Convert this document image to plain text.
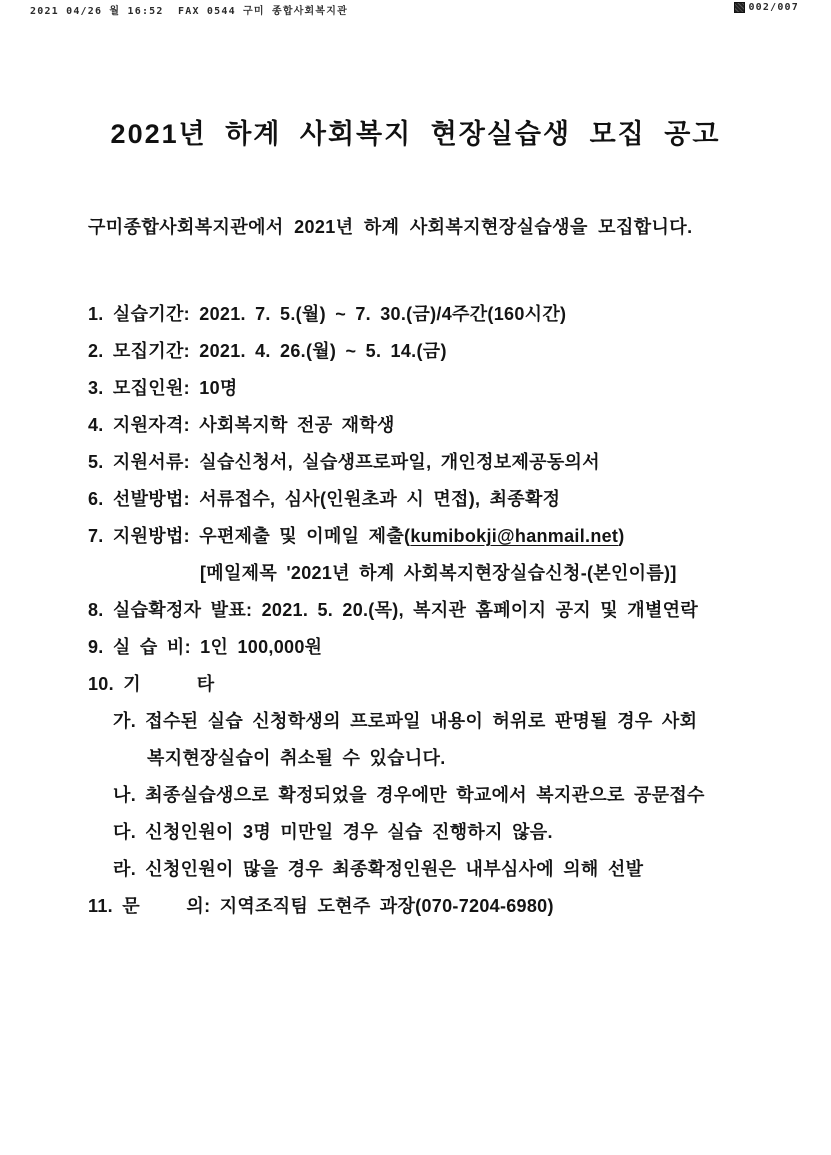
2021 04/26 월 16:52  FAX 0544 구미 종합사회복지관	002/007
2021년 하계 사회복지 현장실습생 모집 공고
구미종합사회복지관에서 2021년 하계 사회복지현장실습생을 모집합니다.
1. 실습기간: 2021. 7. 5.(월) ~ 7. 30.(금)/4주간(160시간)
2. 모집기간: 2021. 4. 26.(월) ~ 5. 14.(금)
3. 모집인원: 10명
4. 지원자격: 사회복지학 전공 재학생
5. 지원서류: 실습신청서, 실습생프로파일, 개인정보제공동의서
6. 선발방법: 서류접수, 심사(인원초과 시 면접), 최종확정
7. 지원방법: 우편제출 및 이메일 제출(kumibokji@hanmail.net)
[메일제목 '2021년 하계 사회복지현장실습신청-(본인이름)]
8. 실습확정자 발표: 2021. 5. 20.(목), 복지관 홈페이지 공지 및 개별연락
9. 실 습 비: 1인 100,000원
10. 기      타
가. 접수된 실습 신청학생의 프로파일 내용이 허위로 판명될 경우 사회
복지현장실습이 취소될 수 있습니다.
나. 최종실습생으로 확정되었을 경우에만 학교에서 복지관으로 공문접수
다. 신청인원이 3명 미만일 경우 실습 진행하지 않음.
라. 신청인원이 많을 경우 최종확정인원은 내부심사에 의해 선발
11. 문     의: 지역조직팀 도현주 과장(070-7204-6980)
